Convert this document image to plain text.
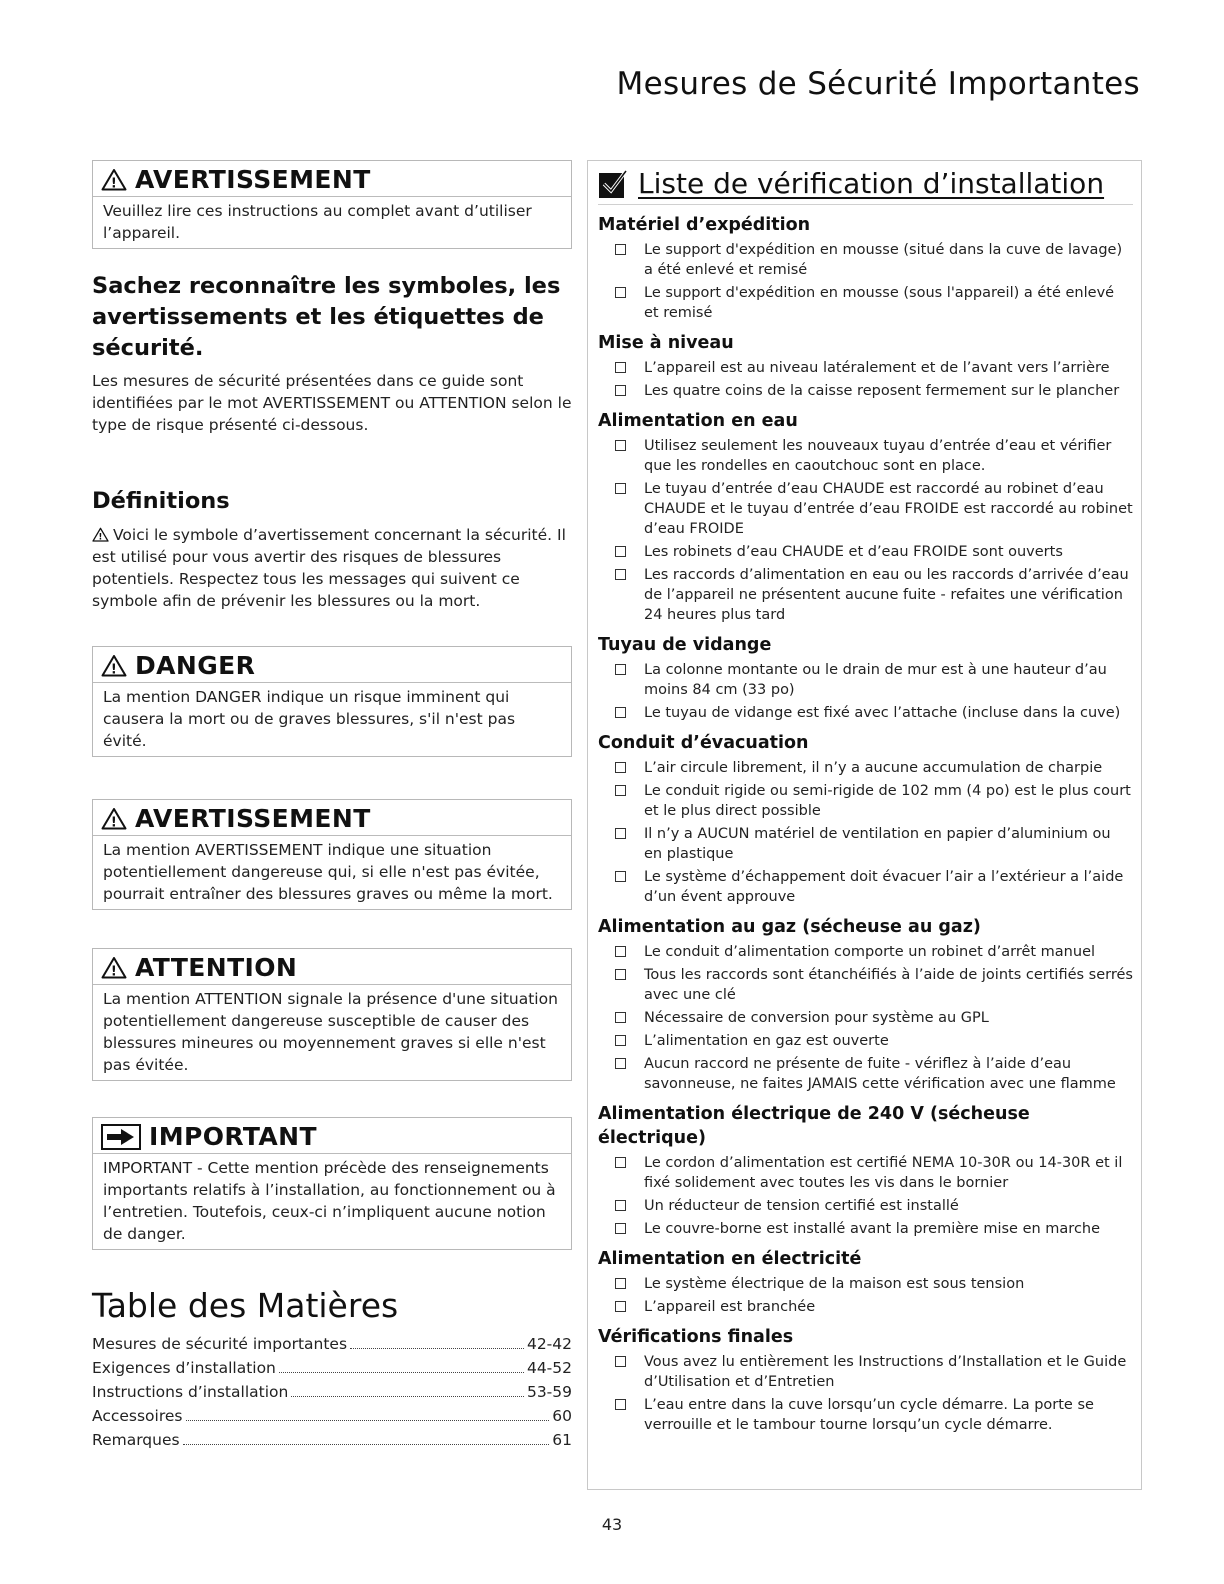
Mesures de Sécurité Importantes
! AVERTISSEMENT
Veuillez lire ces instructions au complet avant d’utiliser l’appareil.
Sachez reconnaître les symboles, les avertissements et les étiquettes de sécurité.
Les mesures de sécurité présentées dans ce guide sont identifiées par le mot AVERTISSEMENT ou ATTENTION selon le type de risque présenté ci-dessous.
Définitions
! Voici le symbole d’avertissement concernant la sécurité. Il est utilisé pour vous avertir des risques de blessures potentiels. Respectez tous les messages qui suivent ce symbole afin de prévenir les blessures ou la mort.
! DANGER
La mention DANGER indique un risque imminent qui causera la mort ou de graves blessures, s'il n'est pas évité.
! AVERTISSEMENT
La mention AVERTISSEMENT indique une situation potentiellement dangereuse qui, si elle n'est pas évitée, pourrait entraîner des blessures graves ou même la mort.
! ATTENTION
La mention ATTENTION signale la présence d'une situation potentiellement dangereuse susceptible de causer des blessures mineures ou moyennement graves si elle n'est pas évitée.
IMPORTANT
IMPORTANT - Cette mention précède des renseignements importants relatifs à l’installation, au fonctionnement ou à l’entretien. Toutefois, ceux-ci n’impliquent aucune notion de danger.
Table des Matières
Mesures de sécurité importantes	42-42
Exigences d’installation	44-52
Instructions d’installation	53-59
Accessoires	60
Remarques	61
Liste de vérification d’installation
Matériel d’expédition
Le support d'expédition en mousse (situé dans la cuve de lavage) a été enlevé et remisé
Le support d'expédition en mousse (sous l'appareil) a été enlevé et remisé
Mise à niveau
L’appareil est au niveau latéralement et de l’avant vers l’arrière
Les quatre coins de la caisse reposent fermement sur le plancher
Alimentation en eau
Utilisez seulement les nouveaux tuyau d’entrée d’eau et vérifier que les rondelles en caoutchouc sont en place.
Le tuyau d’entrée d’eau CHAUDE est raccordé au robinet d’eau CHAUDE et le tuyau d’entrée d’eau FROIDE est raccordé au robinet d’eau FROIDE
Les robinets d’eau CHAUDE et d’eau FROIDE sont ouverts
Les raccords d’alimentation en eau ou les raccords d’arrivée d’eau de l’appareil ne présentent aucune fuite - refaites une vérification 24 heures plus tard
Tuyau de vidange
La colonne montante ou le drain de mur est à une hauteur d’au moins 84 cm (33 po)
Le tuyau de vidange est fixé avec l’attache (incluse dans la cuve)
Conduit d’évacuation
L’air circule librement, il n’y a aucune accumulation de charpie
Le conduit rigide ou semi-rigide de 102 mm (4 po) est le plus court et le plus direct possible
Il n’y a AUCUN matériel de ventilation en papier d’aluminium ou en plastique
Le système d’échappement doit évacuer l’air a l’extérieur a l’aide d’un évent approuve
Alimentation au gaz (sécheuse au gaz)
Le conduit d’alimentation comporte un robinet d’arrêt manuel
Tous les raccords sont étanchéifiés à l’aide de joints certifiés serrés avec une clé
Nécessaire de conversion pour système au GPL
L’alimentation en gaz est ouverte
Aucun raccord ne présente de fuite - vériflez à l’aide d’eau savonneuse, ne faites JAMAIS cette vérification avec une flamme
Alimentation électrique de 240 V (sécheuse électrique)
Le cordon d’alimentation est certifié NEMA 10-30R ou 14-30R et il fixé solidement avec toutes les vis dans le bornier
Un réducteur de tension certifié est installé
Le couvre-borne est installé avant la première mise en marche
Alimentation en électricité
Le système électrique de la maison est sous tension
L’appareil est branchée
Vérifications finales
Vous avez lu entièrement les Instructions d’Installation et le Guide d’Utilisation et d’Entretien
L’eau entre dans la cuve lorsqu’un cycle démarre. La porte se verrouille et le tambour tourne lorsqu’un cycle démarre.
43
